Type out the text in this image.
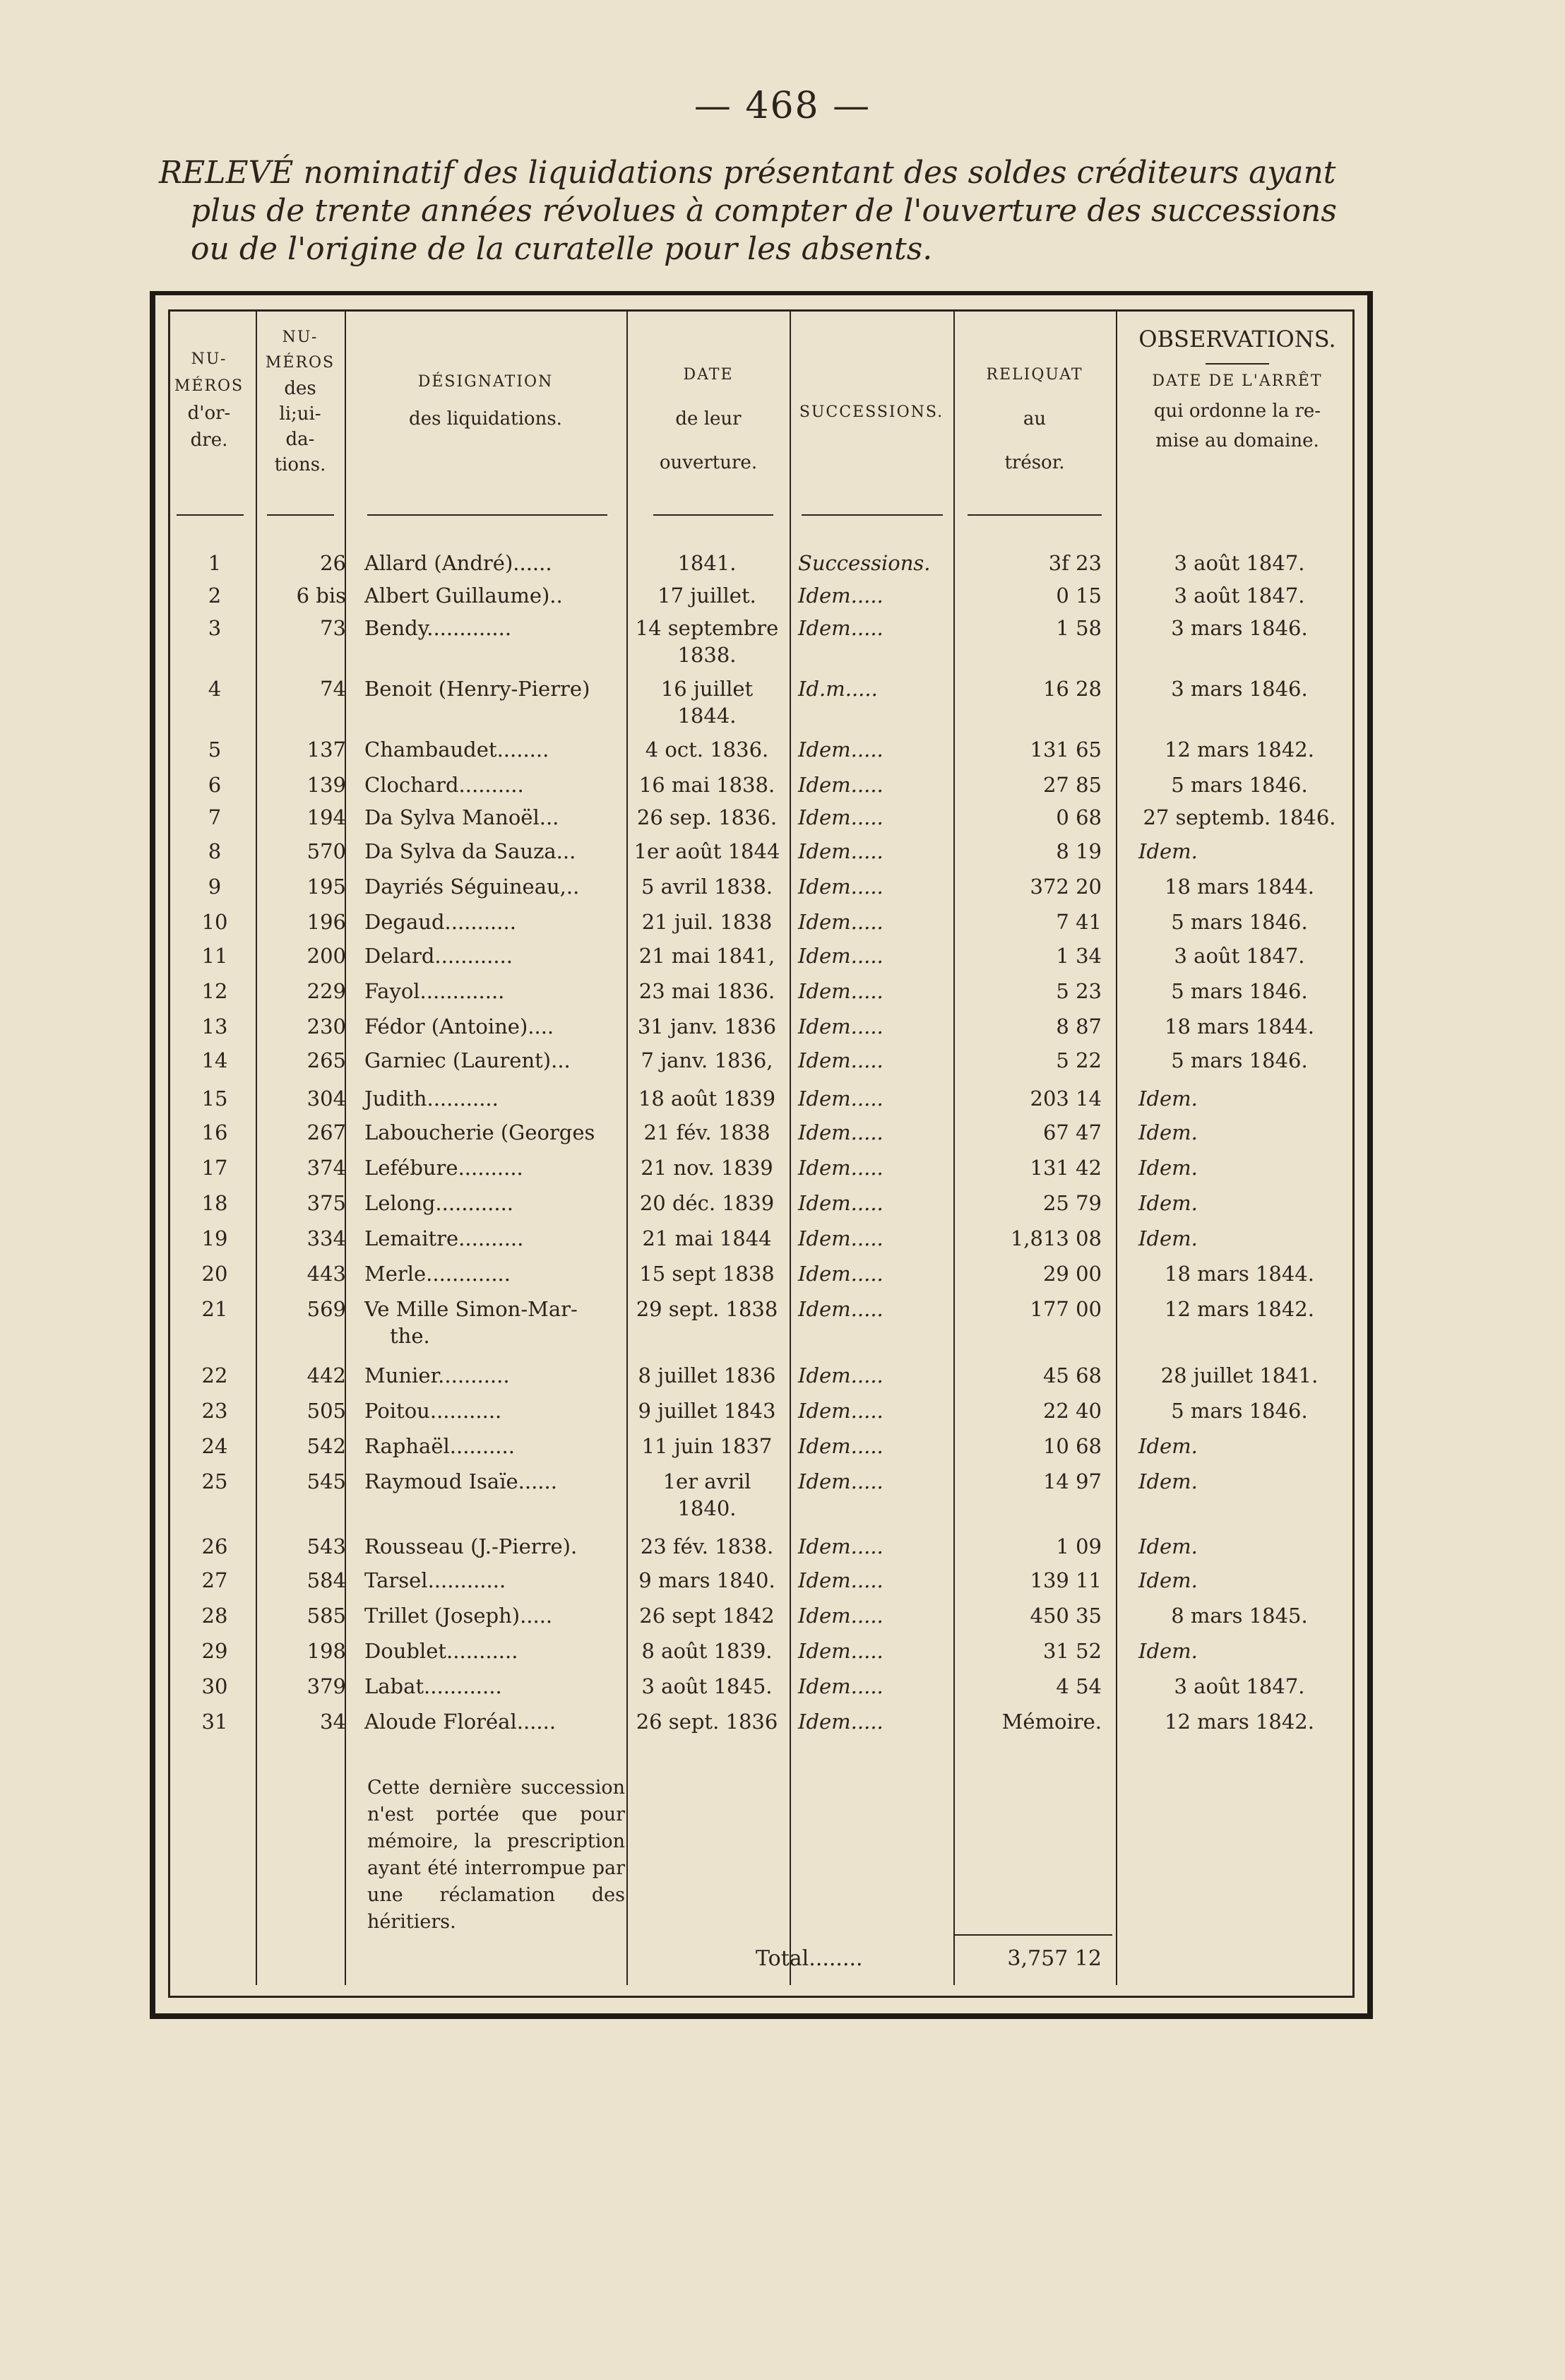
— 468 —
RELEVÉ nominatif des liquidations présentant des soldes créditeurs ayant
plus de trente années révolues à compter de l'ouverture des successions
ou de l'origine de la curatelle pour les absents.
NU-
MÉROS
d'or-
dre.
NU-
MÉROS
des
li;ui-
da-
tions.
DÉSIGNATION
des liquidations.
DATE
de leur
ouverture.
SUCCESSIONS.
RELIQUAT
au
trésor.
OBSERVATIONS.
DATE DE L'ARRÊT
qui ordonne la re-
mise au domaine.
1	26 Allard (André)......	1841.	Successions.	3f 23	3 août 1847.
2	6 bis Albert Guillaume)..	17 juillet.	Idem.....	0 15	3 août 1847.
3	73 Bendy.............	14 septembre Idem.....	1 58	3 mars 1846.
1838.
4	74 Benoit (Henry-Pierre)	16 juillet	Id.m.....	16 28	3 mars 1846.
1844.
5	137 Chambaudet........	4 oct. 1836.	Idem.....	131 65	12 mars 1842.
6	139 Clochard..........	16 mai 1838.	Idem.....	27 85	5 mars 1846.
7	194 Da Sylva Manoël...	26 sep. 1836.	Idem.....	0 68	27 septemb. 1846.
8	570 Da Sylva da Sauza...	1er août 1844 Idem.....	8 19	Idem.
9	195 Dayriés Séguineau,..	5 avril 1838.	Idem.....	372 20	18 mars 1844.
10	196 Degaud...........	21 juil. 1838	Idem.....	7 41	5 mars 1846.
11	200 Delard............	21 mai 1841,	Idem.....	1 34	3 août 1847.
12	229 Fayol.............	23 mai 1836.	Idem.....	5 23	5 mars 1846.
13	230 Fédor (Antoine)....	31 janv. 1836	Idem.....	8 87	18 mars 1844.
14	265 Garniec (Laurent)...	7 janv. 1836,	Idem.....	5 22	5 mars 1846.
15	304 Judith...........	18 août 1839	Idem.....	203 14	Idem.
16	267 Laboucherie (Georges	21 fév. 1838	Idem.....	67 47	Idem.
17	374 Lefébure..........	21 nov. 1839	Idem.....	131 42	Idem.
18	375 Lelong............	20 déc. 1839	Idem.....	25 79	Idem.
19	334 Lemaitre..........	21 mai 1844	Idem.....	1,813 08	Idem.
20	443 Merle.............	15 sept 1838	Idem.....	29 00	18 mars 1844.
21	569 Ve Mille Simon-Mar-	29 sept. 1838 Idem.....	177 00	12 mars 1842.
the.
22	442 Munier...........	8 juillet 1836	Idem.....	45 68	28 juillet 1841.
23	505 Poitou...........	9 juillet 1843	Idem.....	22 40	5 mars 1846.
24	542 Raphaël..........	11 juin 1837	Idem.....	10 68	Idem.
25	545 Raymoud Isaïe......	1er avril	Idem.....	14 97	Idem.
1840.
26	543 Rousseau (J.-Pierre).	23 fév. 1838.	Idem.....	1 09	Idem.
27	584 Tarsel............	9 mars 1840.	Idem.....	139 11	Idem.
28	585 Trillet (Joseph).....	26 sept 1842	Idem.....	450 35	8 mars 1845.
29	198 Doublet...........	8 août 1839.	Idem.....	31 52	Idem.
30	379 Labat............	3 août 1845.	Idem.....	4 54	3 août 1847.
31	34 Aloude Floréal......	26 sept. 1836 Idem.....	Mémoire.	12 mars 1842.
Cette dernière succession n'est portée que pour mémoire, la prescription ayant été interrompue par une réclamation des héritiers.
Total........	3,757 12
